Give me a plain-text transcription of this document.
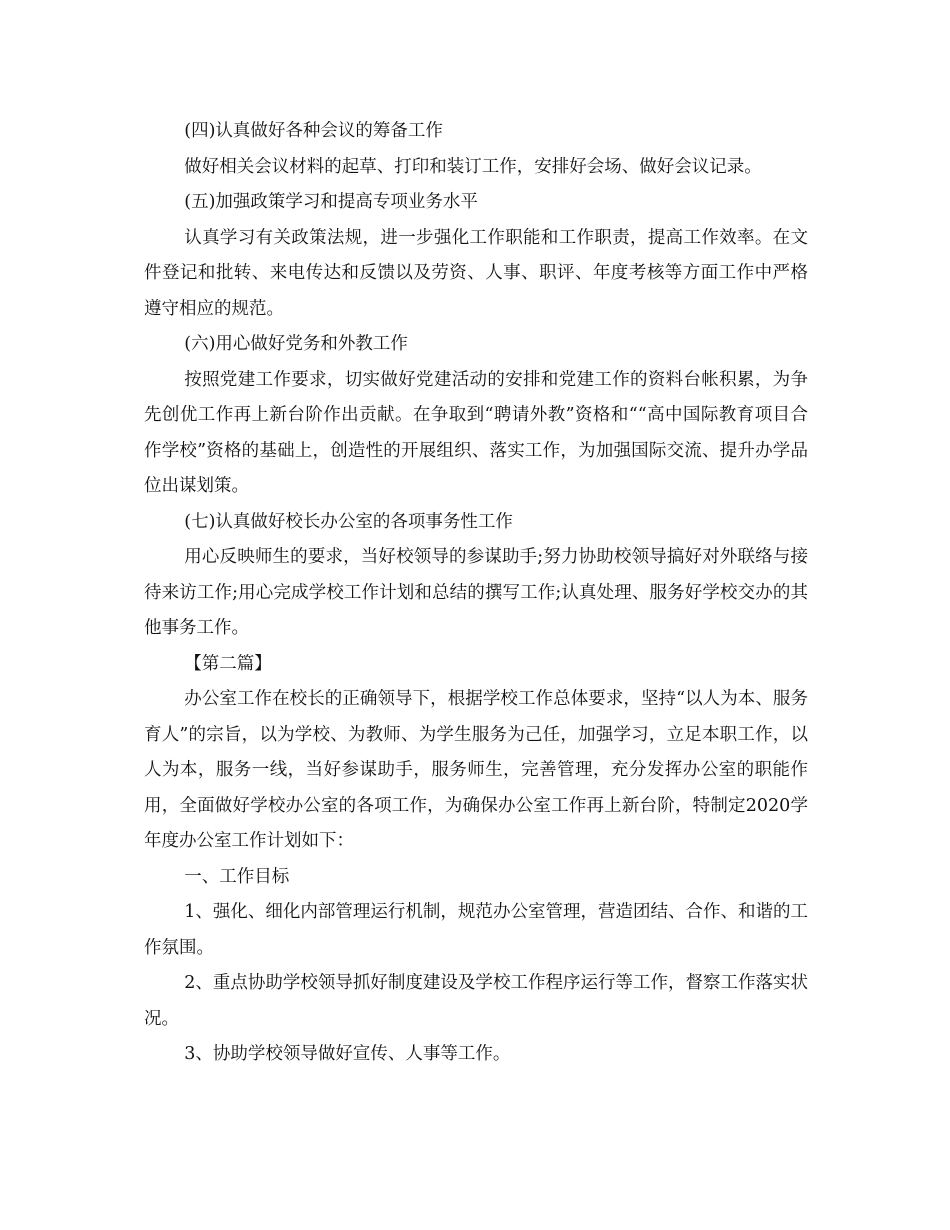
(四)认真做好各种会议的筹备工作

做好相关会议材料的起草、打印和装订工作，安排好会场、做好会议记录。

(五)加强政策学习和提高专项业务水平

认真学习有关政策法规，进一步强化工作职能和工作职责，提高工作效率。在文件登记和批转、来电传达和反馈以及劳资、人事、职评、年度考核等方面工作中严格遵守相应的规范。

(六)用心做好党务和外教工作

按照党建工作要求，切实做好党建活动的安排和党建工作的资料台帐积累，为争先创优工作再上新台阶作出贡献。在争取到“聘请外教”资格和““高中国际教育项目合作学校”资格的基础上，创造性的开展组织、落实工作，为加强国际交流、提升办学品位出谋划策。

(七)认真做好校长办公室的各项事务性工作

用心反映师生的要求，当好校领导的参谋助手;努力协助校领导搞好对外联络与接待来访工作;用心完成学校工作计划和总结的撰写工作;认真处理、服务好学校交办的其他事务工作。

【第二篇】

办公室工作在校长的正确领导下，根据学校工作总体要求，坚持“以人为本、服务育人”的宗旨，以为学校、为教师、为学生服务为己任，加强学习，立足本职工作，以人为本，服务一线，当好参谋助手，服务师生，完善管理，充分发挥办公室的职能作用，全面做好学校办公室的各项工作，为确保办公室工作再上新台阶，特制定2020学年度办公室工作计划如下：

一、工作目标

1、强化、细化内部管理运行机制，规范办公室管理，营造团结、合作、和谐的工作氛围。

2、重点协助学校领导抓好制度建设及学校工作程序运行等工作，督察工作落实状况。

3、协助学校领导做好宣传、人事等工作。
